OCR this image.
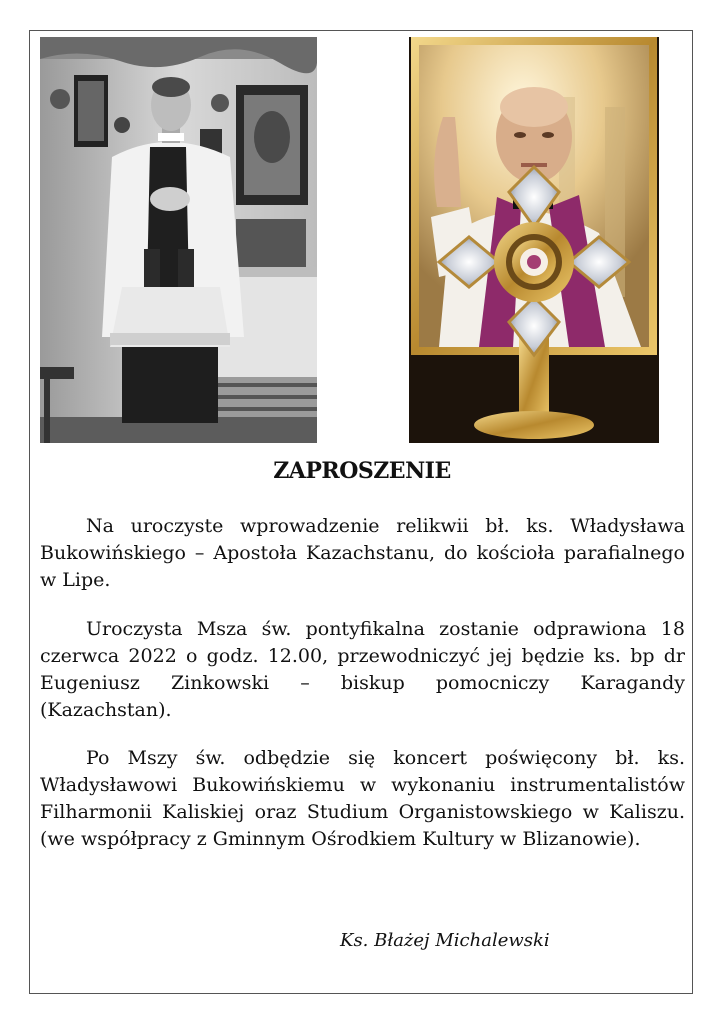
ZAPROSZENIE

Na uroczyste wprowadzenie relikwii bł. ks. Władysława Bukowińskiego – Apostoła Kazachstanu, do kościoła parafialnego w Lipe.

Uroczysta Msza św. pontyfikalna zostanie odprawiona 18 czerwca 2022 o godz. 12.00, przewodniczyć jej będzie ks. bp dr Eugeniusz Zinkowski – biskup pomocniczy Karagandy (Kazachstan).

Po Mszy św. odbędzie się koncert poświęcony bł. ks. Władysławowi Bukowińskiemu w wykonaniu instrumentalistów Filharmonii Kaliskiej oraz Studium Organistowskiego w Kaliszu. (we współpracy z Gminnym Ośrodkiem Kultury w Blizanowie).

Ks. Błażej Michalewski
